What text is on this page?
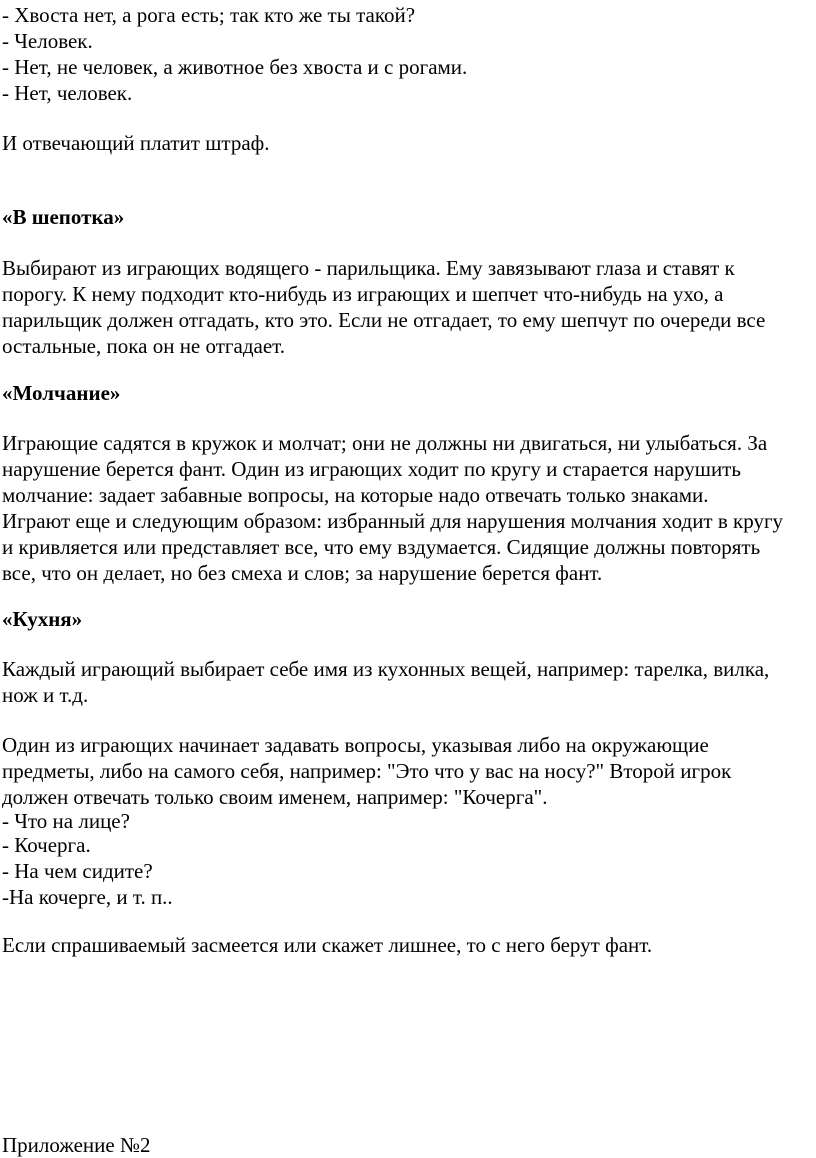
- Хвоста нет, а рога есть; так кто же ты такой?
- Человек.
- Нет, не человек, а животное без хвоста и с рогами.
- Нет, человек.
И отвечающий платит штраф.
«В шепотка»
Выбирают из играющих водящего - парильщика. Ему завязывают глаза и ставят к
порогу. К нему подходит кто-нибудь из играющих и шепчет что-нибудь на ухо, а
парильщик должен отгадать, кто это. Если не отгадает, то ему шепчут по очереди все
остальные, пока он не отгадает.
«Молчание»
Играющие садятся в кружок и молчат; они не должны ни двигаться, ни улыбаться. За
нарушение берется фант. Один из играющих ходит по кругу и старается нарушить
молчание: задает забавные вопросы, на которые надо отвечать только знаками.
Играют еще и следующим образом: избранный для нарушения молчания ходит в кругу
и кривляется или представляет все, что ему вздумается. Сидящие должны повторять
все, что он делает, но без смеха и слов; за нарушение берется фант.
«Кухня»
Каждый играющий выбирает себе имя из кухонных вещей, например: тарелка, вилка,
нож и т.д.
Один из играющих начинает задавать вопросы, указывая либо на окружающие
предметы, либо на самого себя, например: "Это что у вас на носу?" Второй игрок
должен отвечать только своим именем, например: "Кочерга".
- Что на лице?
- Кочерга.
- На чем сидите?
-На кочерге, и т. п..
Если спрашиваемый засмеется или скажет лишнее, то с него берут фант.
Приложение №2
